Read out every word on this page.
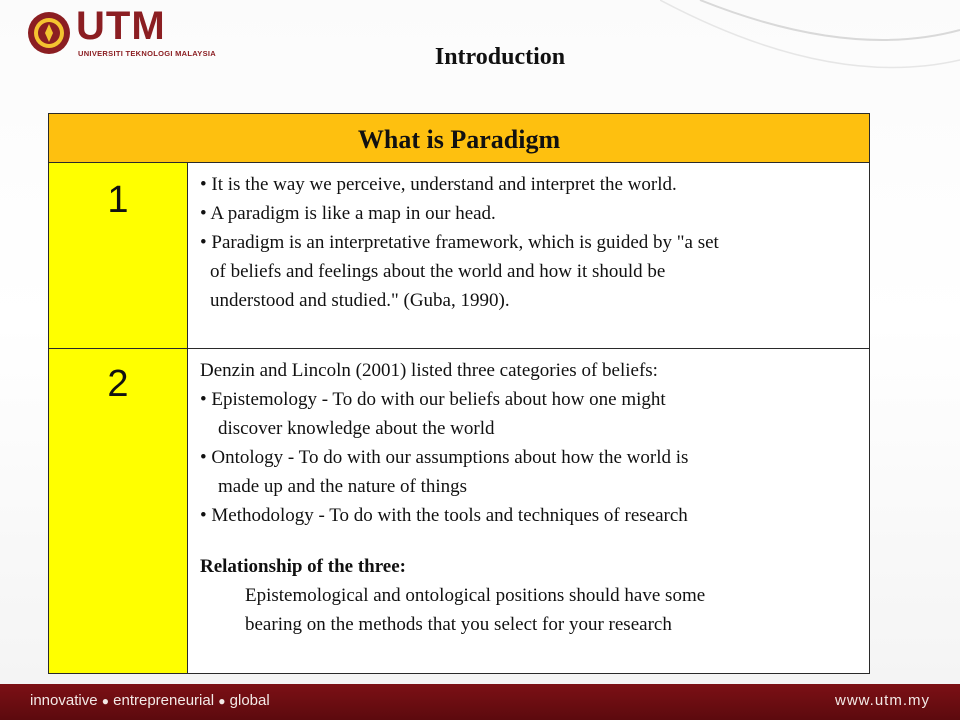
UTM
UNIVERSITI TEKNOLOGI MALAYSIA	Introduction
What is Paradigm
1	• It is the way we perceive, understand and interpret the world.

• A paradigm is like a map in our head.

• Paradigm is an interpretative framework, which is guided by "a set

of beliefs and feelings about the world and how it should be

understood and studied." (Guba, 1990).

2	Denzin and Lincoln (2001) listed three categories of beliefs:

• Epistemology - To do with our beliefs about how one might

discover knowledge about the world

• Ontology - To do with our assumptions about how the world is

made up and the nature of things

• Methodology - To do with the tools and techniques of research

Relationship of the three:

Epistemological and ontological positions should have some

bearing on the methods that you select for your research

innovative ● entrepreneurial ● global	www.utm.my
